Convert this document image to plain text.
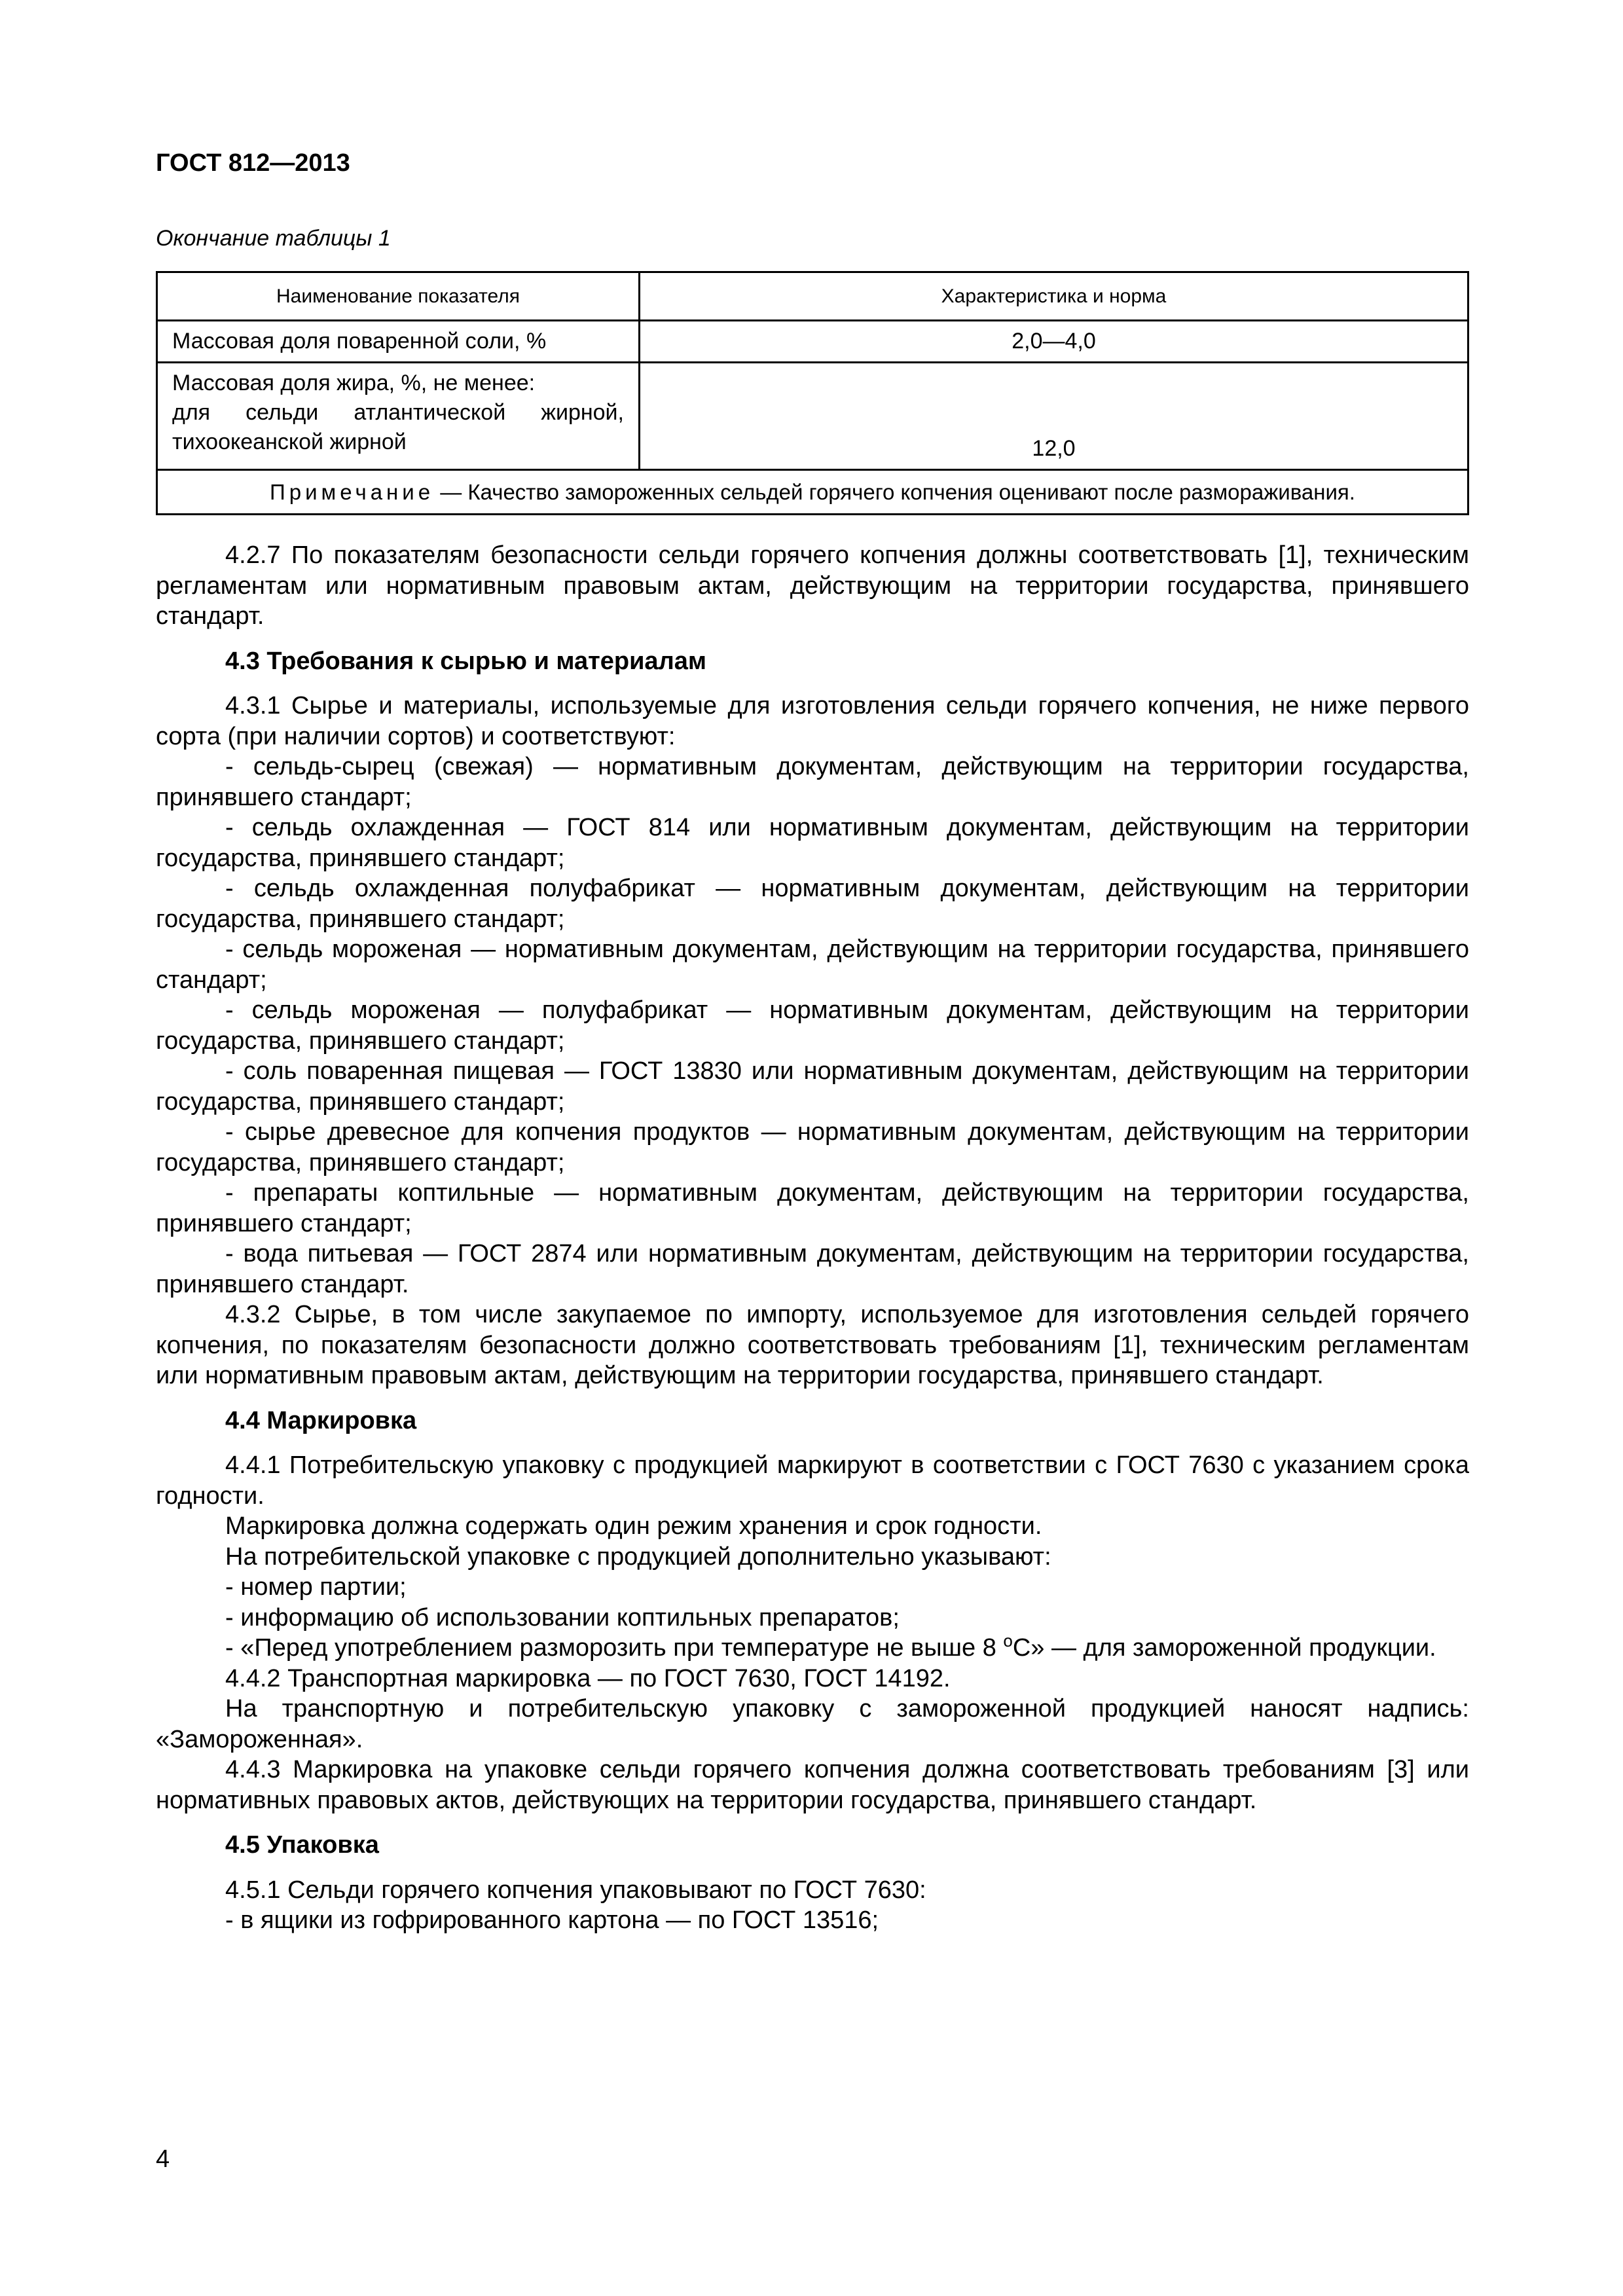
ГОСТ 812—2013
Окончание таблицы 1
Наименование показателя	Характеристика и норма
Массовая доля поваренной соли, %	2,0—4,0

Массовая доля жира, %, не менее:
для сельди атлантической жирной,
тихоокеанской жирной	12,0
Примечание — Качество замороженных сельдей горячего копчения оценивают после размораживания.	

4.2.7 По показателям безопасности сельди горячего копчения должны соответствовать [1], техническим регламентам или нормативным правовым актам, действующим на территории государства, принявшего стандарт.

4.3 Требования к сырью и материалам

4.3.1 Сырье и материалы, используемые для изготовления сельди горячего копчения, не ниже первого сорта (при наличии сортов) и соответствуют:

- сельдь-сырец (свежая) — нормативным документам, действующим на территории государства, принявшего стандарт;

- сельдь охлажденная — ГОСТ 814 или нормативным документам, действующим на территории государства, принявшего стандарт;

- сельдь охлажденная полуфабрикат — нормативным документам, действующим на территории государства, принявшего стандарт;

- сельдь мороженая — нормативным документам, действующим на территории государства, принявшего стандарт;

- сельдь мороженая — полуфабрикат — нормативным документам, действующим на территории государства, принявшего стандарт;

- соль поваренная пищевая — ГОСТ 13830 или нормативным документам, действующим на территории государства, принявшего стандарт;

- сырье древесное для копчения продуктов — нормативным документам, действующим на территории государства, принявшего стандарт;

- препараты коптильные — нормативным документам, действующим на территории государства, принявшего стандарт;

- вода питьевая — ГОСТ 2874 или нормативным документам, действующим на территории государства, принявшего стандарт.

4.3.2 Сырье, в том числе закупаемое по импорту, используемое для изготовления сельдей горячего копчения, по показателям безопасности должно соответствовать требованиям [1], техническим регламентам или нормативным правовым актам, действующим на территории государства, принявшего стандарт.

4.4 Маркировка

4.4.1 Потребительскую упаковку с продукцией маркируют в соответствии с ГОСТ 7630 с указанием срока годности.

Маркировка должна содержать один режим хранения и срок годности.

На потребительской упаковке с продукцией дополнительно указывают:

- номер партии;

- информацию об использовании коптильных препаратов;

- «Перед употреблением разморозить при температуре не выше 8 $^о$С» — для замороженной продукции.

4.4.2 Транспортная маркировка — по ГОСТ 7630, ГОСТ 14192.

На транспортную и потребительскую упаковку с замороженной продукцией наносят надпись: «Замороженная».

4.4.3 Маркировка на упаковке сельди горячего копчения должна соответствовать требованиям [3] или нормативных правовых актов, действующих на территории государства, принявшего стандарт.

4.5 Упаковка

4.5.1 Сельди горячего копчения упаковывают по ГОСТ 7630:

- в ящики из гофрированного картона — по ГОСТ 13516;

4
